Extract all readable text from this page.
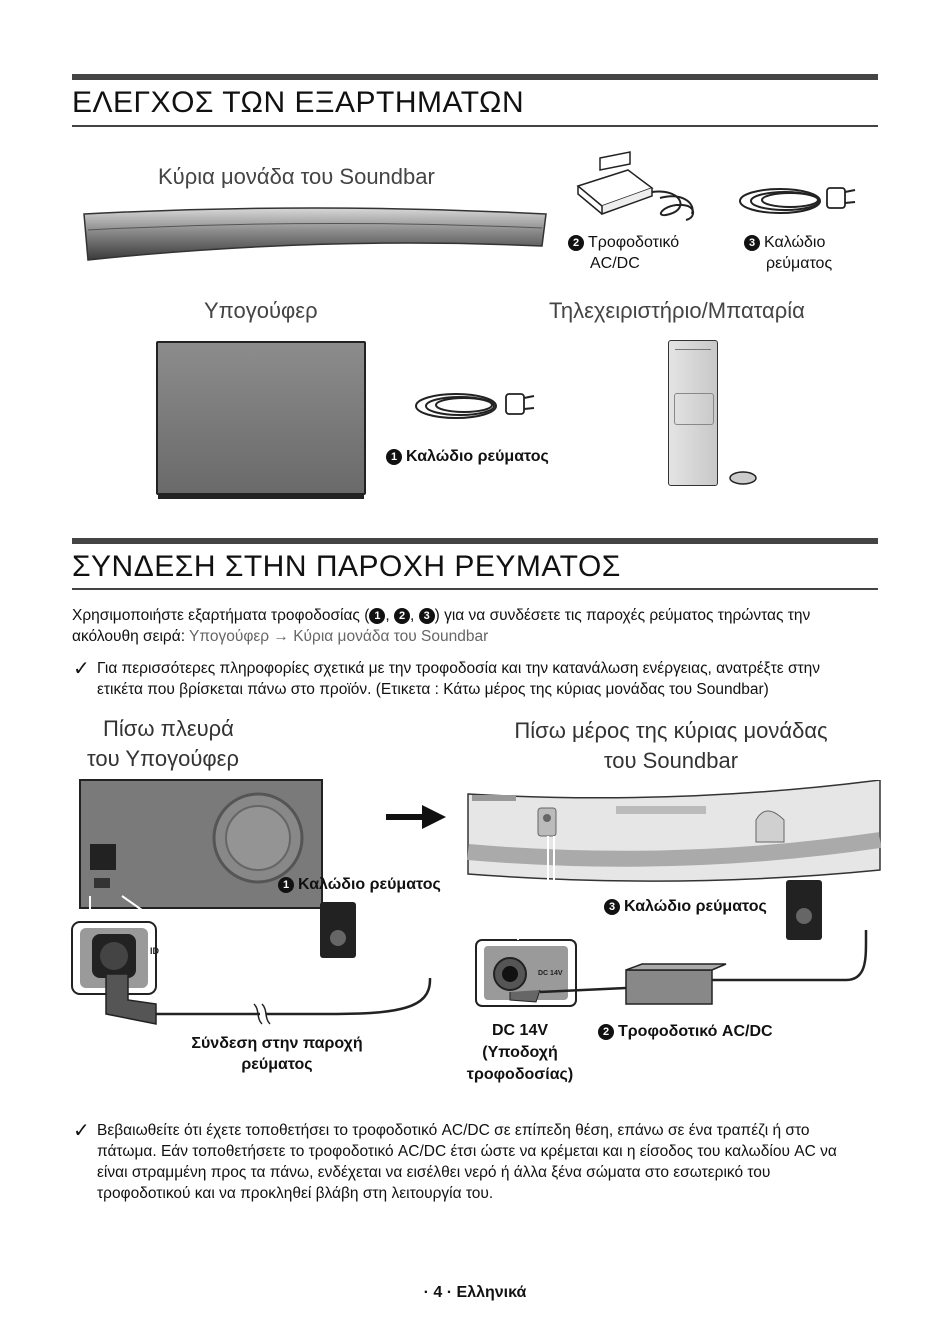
ΕΛΕΓΧΟΣ ΤΩΝ ΕΞΑΡΤΗΜΑΤΩΝ
Κύρια μονάδα του Soundbar
2 Τροφοδοτικό
AC/DC
3 Καλώδιο
ρεύματος
Υπογούφερ	Τηλεχειριστήριο/Μπαταρία
1 Καλώδιο ρεύματος
ΣΥΝΔΕΣΗ ΣΤΗΝ ΠΑΡΟΧΗ ΡΕΥΜΑΤΟΣ
Χρησιμοποιήστε εξαρτήματα τροφοδοσίας ( 1 , 2 , 3 ) για να συνδέσετε τις παροχές ρεύματος τηρώντας την ακόλουθη σειρά: Υπογούφερ → Κύρια μονάδα του Soundbar
✓ Για περισσότερες πληροφορίες σχετικά με την τροφοδοσία και την κατανάλωση ενέργειας, ανατρέξτε στην ετικέτα που βρίσκεται πάνω στο προϊόν. (Ετικετα : Κάτω μέρος της κύριας μονάδας του Soundbar)
Πίσω πλευρά
του Υπογούφερ
Πίσω μέρος της κύριας μονάδας
του Soundbar
ID
1 Καλώδιο ρεύματος
Σύνδεση στην παροχή
ρεύματος
DC 14V
3 Καλώδιο ρεύματος
DC 14V
(Υποδοχή
τροφοδοσίας)
2 Τροφοδοτικό AC/DC
✓ Βεβαιωθείτε ότι έχετε τοποθετήσει το τροφοδοτικό AC/DC σε επίπεδη θέση, επάνω σε ένα τραπέζι ή στο πάτωμα. Εάν τοποθετήσετε το τροφοδοτικό AC/DC έτσι ώστε να κρέμεται και η είσοδος του καλωδίου AC να είναι στραμμένη προς τα πάνω, ενδέχεται να εισέλθει νερό ή άλλα ξένα σώματα στο εσωτερικό του τροφοδοτικού και να προκληθεί βλάβη στη λειτουργία του.
· 4 · Ελληνικά
